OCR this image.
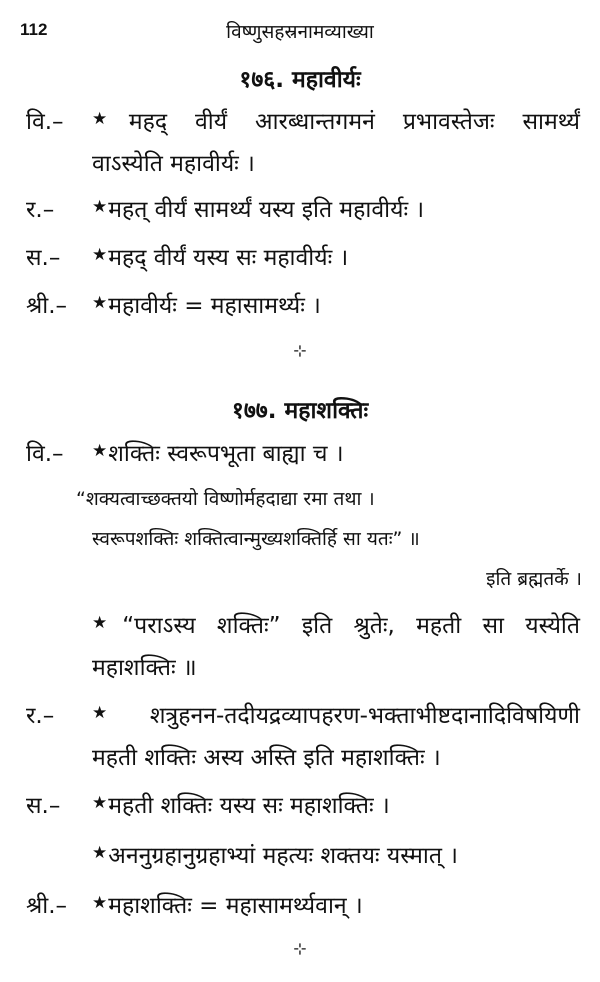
112	विष्णुसहस्रनामव्याख्या
१७६. महावीर्यः
वि.– ★महद् वीर्यं आरब्धान्तगमनं प्रभावस्तेजः सामर्थ्यं
वाऽस्येति महावीर्यः ।
र.– ★महत् वीर्यं सामर्थ्यं यस्य इति महावीर्यः ।
स.– ★महद् वीर्यं यस्य सः महावीर्यः ।
श्री.– ★महावीर्यः = महासामर्थ्यः ।
⊹
१७७. महाशक्तिः
वि.– ★शक्तिः स्वरूपभूता बाह्या च ।
“शक्यत्वाच्छक्तयो विष्णोर्महदाद्या रमा तथा ।
स्वरूपशक्तिः शक्तित्वान्मुख्यशक्तिर्हि सा यतः” ॥
इति ब्रह्मतर्के ।
★“पराऽस्य शक्तिः” इति श्रुतेः, महती सा यस्येति
महाशक्तिः ॥
र.– ★शत्रुहनन-तदीयद्रव्यापहरण-भक्ताभीष्टदानादिविषयिणी
महती शक्तिः अस्य अस्ति इति महाशक्तिः ।
स.– ★महती शक्तिः यस्य सः महाशक्तिः ।
★अननुग्रहानुग्रहाभ्यां महत्यः शक्तयः यस्मात् ।
श्री.– ★महाशक्तिः = महासामर्थ्यवान् ।
⊹
